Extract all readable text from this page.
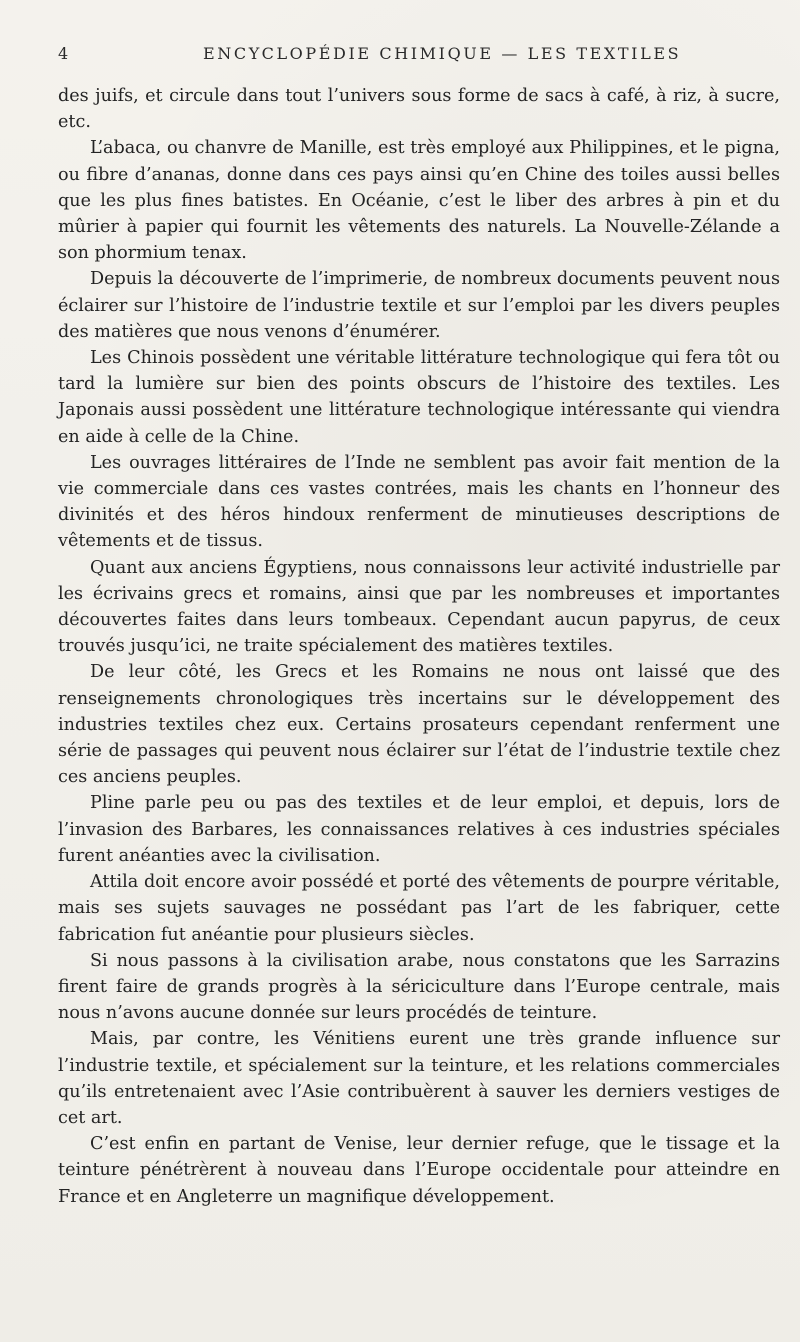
4	ENCYCLOPÉDIE CHIMIQUE — LES TEXTILES

des juifs, et circule dans tout l’univers sous forme de sacs à café, à riz, à sucre, etc.

L’abaca, ou chanvre de Manille, est très employé aux Philippines, et le pigna, ou fibre d’ananas, donne dans ces pays ainsi qu’en Chine des toiles aussi belles que les plus fines batistes. En Océanie, c’est le liber des arbres à pin et du mûrier à papier qui fournit les vêtements des naturels. La Nouvelle-Zélande a son phormium tenax.

Depuis la découverte de l’imprimerie, de nombreux documents peuvent nous éclairer sur l’histoire de l’industrie textile et sur l’emploi par les divers peuples des matières que nous venons d’énumérer.

Les Chinois possèdent une véritable littérature technologique qui fera tôt ou tard la lumière sur bien des points obscurs de l’histoire des textiles. Les Japonais aussi possèdent une littérature technologique intéressante qui viendra en aide à celle de la Chine.

Les ouvrages littéraires de l’Inde ne semblent pas avoir fait mention de la vie commerciale dans ces vastes contrées, mais les chants en l’honneur des divinités et des héros hindoux renferment de minutieuses descriptions de vêtements et de tissus.

Quant aux anciens Égyptiens, nous connaissons leur activité industrielle par les écrivains grecs et romains, ainsi que par les nombreuses et importantes découvertes faites dans leurs tombeaux. Cependant aucun papyrus, de ceux trouvés jusqu’ici, ne traite spécialement des matières textiles.

De leur côté, les Grecs et les Romains ne nous ont laissé que des renseignements chronologiques très incertains sur le développement des industries textiles chez eux. Certains prosateurs cependant renferment une série de passages qui peuvent nous éclairer sur l’état de l’industrie textile chez ces anciens peuples.

Pline parle peu ou pas des textiles et de leur emploi, et depuis, lors de l’invasion des Barbares, les connaissances relatives à ces industries spéciales furent anéanties avec la civilisation.

Attila doit encore avoir possédé et porté des vêtements de pourpre véritable, mais ses sujets sauvages ne possédant pas l’art de les fabriquer, cette fabrication fut anéantie pour plusieurs siècles.

Si nous passons à la civilisation arabe, nous constatons que les Sarrazins firent faire de grands progrès à la sériciculture dans l’Europe centrale, mais nous n’avons aucune donnée sur leurs procédés de teinture.

Mais, par contre, les Vénitiens eurent une très grande influence sur l’industrie textile, et spécialement sur la teinture, et les relations commerciales qu’ils entretenaient avec l’Asie contribuèrent à sauver les derniers vestiges de cet art.

C’est enfin en partant de Venise, leur dernier refuge, que le tissage et la teinture pénétrèrent à nouveau dans l’Europe occidentale pour atteindre en France et en Angleterre un magnifique développement.
